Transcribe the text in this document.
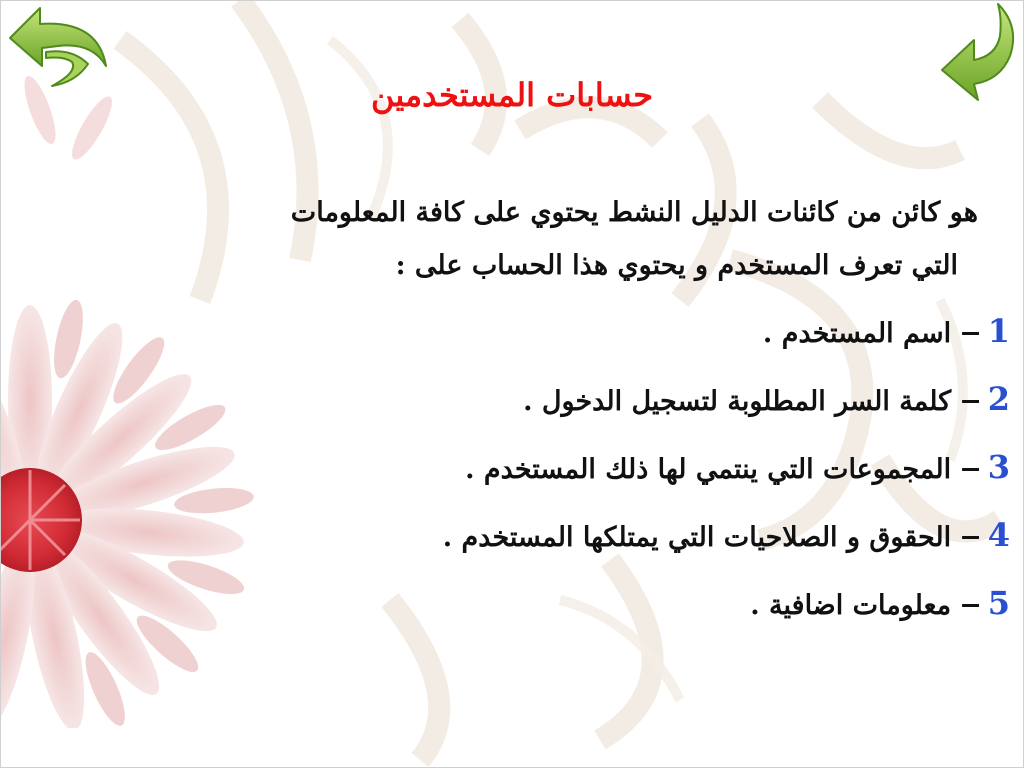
حسابات المستخدمين
هو كائن من كائنات الدليل النشط يحتوي على كافة المعلومات
التي تعرف المستخدم و يحتوي هذا الحساب على :
1−اسم المستخدم .
2−كلمة السر المطلوبة لتسجيل الدخول .
3−المجموعات التي ينتمي لها ذلك المستخدم .
4−الحقوق و الصلاحيات التي يمتلكها المستخدم .
5−معلومات اضافية .
